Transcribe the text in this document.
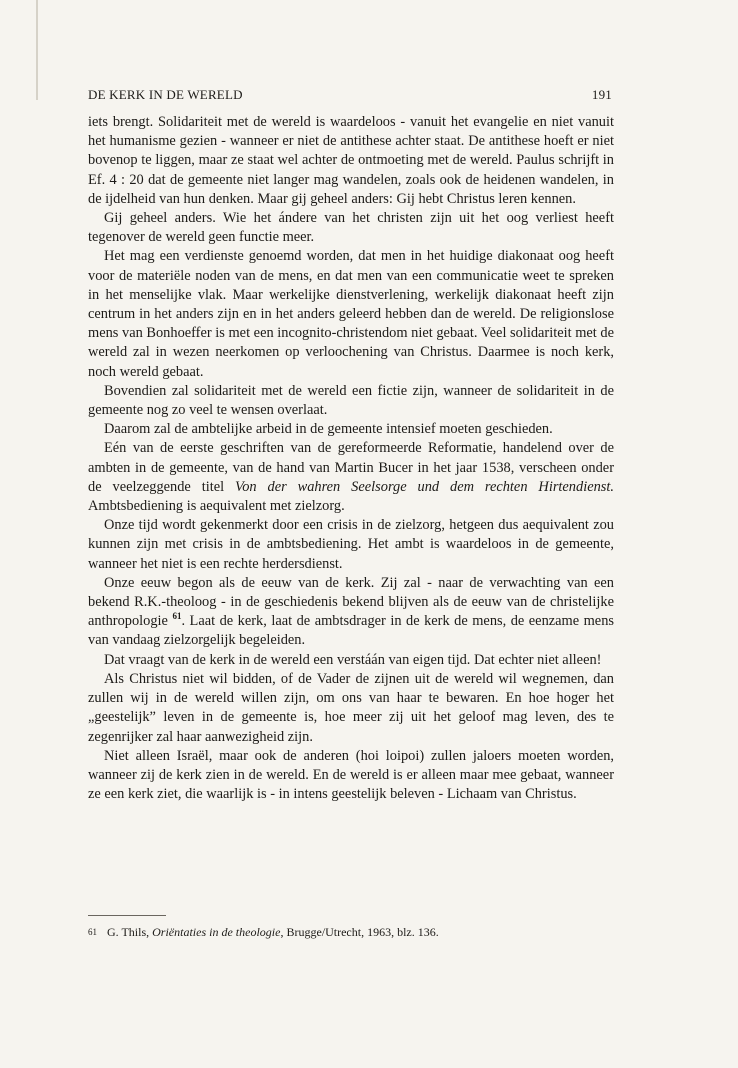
DE KERK IN DE WERELD	191

iets brengt. Solidariteit met de wereld is waardeloos - vanuit het evangelie en niet vanuit het humanisme gezien - wanneer er niet de antithese achter staat. De antithese hoeft er niet bovenop te liggen, maar ze staat wel achter de ontmoeting met de wereld. Paulus schrijft in Ef. 4 : 20 dat de gemeente niet langer mag wandelen, zoals ook de heidenen wandelen, in de ijdelheid van hun denken. Maar gij geheel anders: Gij hebt Christus leren kennen.

Gij geheel anders. Wie het ándere van het christen zijn uit het oog verliest heeft tegenover de wereld geen functie meer.

Het mag een verdienste genoemd worden, dat men in het huidige diakonaat oog heeft voor de materiële noden van de mens, en dat men van een communicatie weet te spreken in het menselijke vlak. Maar werkelijke dienstverlening, werkelijk diakonaat heeft zijn centrum in het anders zijn en in het anders geleerd hebben dan de wereld. De religionslose mens van Bonhoeffer is met een incognito-christendom niet gebaat. Veel solidariteit met de wereld zal in wezen neerkomen op verloochening van Christus. Daarmee is noch kerk, noch wereld gebaat.

Bovendien zal solidariteit met de wereld een fictie zijn, wanneer de solidariteit in de gemeente nog zo veel te wensen overlaat.

Daarom zal de ambtelijke arbeid in de gemeente intensief moeten geschieden.

Eén van de eerste geschriften van de gereformeerde Reformatie, handelend over de ambten in de gemeente, van de hand van Martin Bucer in het jaar 1538, verscheen onder de veelzeggende titel Von der wahren Seelsorge und dem rechten Hirtendienst. Ambtsbediening is aequivalent met zielzorg.

Onze tijd wordt gekenmerkt door een crisis in de zielzorg, hetgeen dus aequivalent zou kunnen zijn met crisis in de ambtsbediening. Het ambt is waardeloos in de gemeente, wanneer het niet is een rechte herdersdienst.

Onze eeuw begon als de eeuw van de kerk. Zij zal - naar de verwachting van een bekend R.K.-theoloog - in de geschiedenis bekend blijven als de eeuw van de christelijke anthropologie $^{61}$. Laat de kerk, laat de ambtsdrager in de kerk de mens, de eenzame mens van vandaag zielzorgelijk begeleiden.

Dat vraagt van de kerk in de wereld een verstáán van eigen tijd. Dat echter niet alleen!

Als Christus niet wil bidden, of de Vader de zijnen uit de wereld wil wegnemen, dan zullen wij in de wereld willen zijn, om ons van haar te bewaren. En hoe hoger het „geestelijk” leven in de gemeente is, hoe meer zij uit het geloof mag leven, des te zegenrijker zal haar aanwezigheid zijn.

Niet alleen Israël, maar ook de anderen (hoi loipoi) zullen jaloers moeten worden, wanneer zij de kerk zien in de wereld. En de wereld is er alleen maar mee gebaat, wanneer ze een kerk ziet, die waarlijk is - in intens geestelijk beleven - Lichaam van Christus.

61 G. Thils, Oriëntaties in de theologie, Brugge/Utrecht, 1963, blz. 136.
